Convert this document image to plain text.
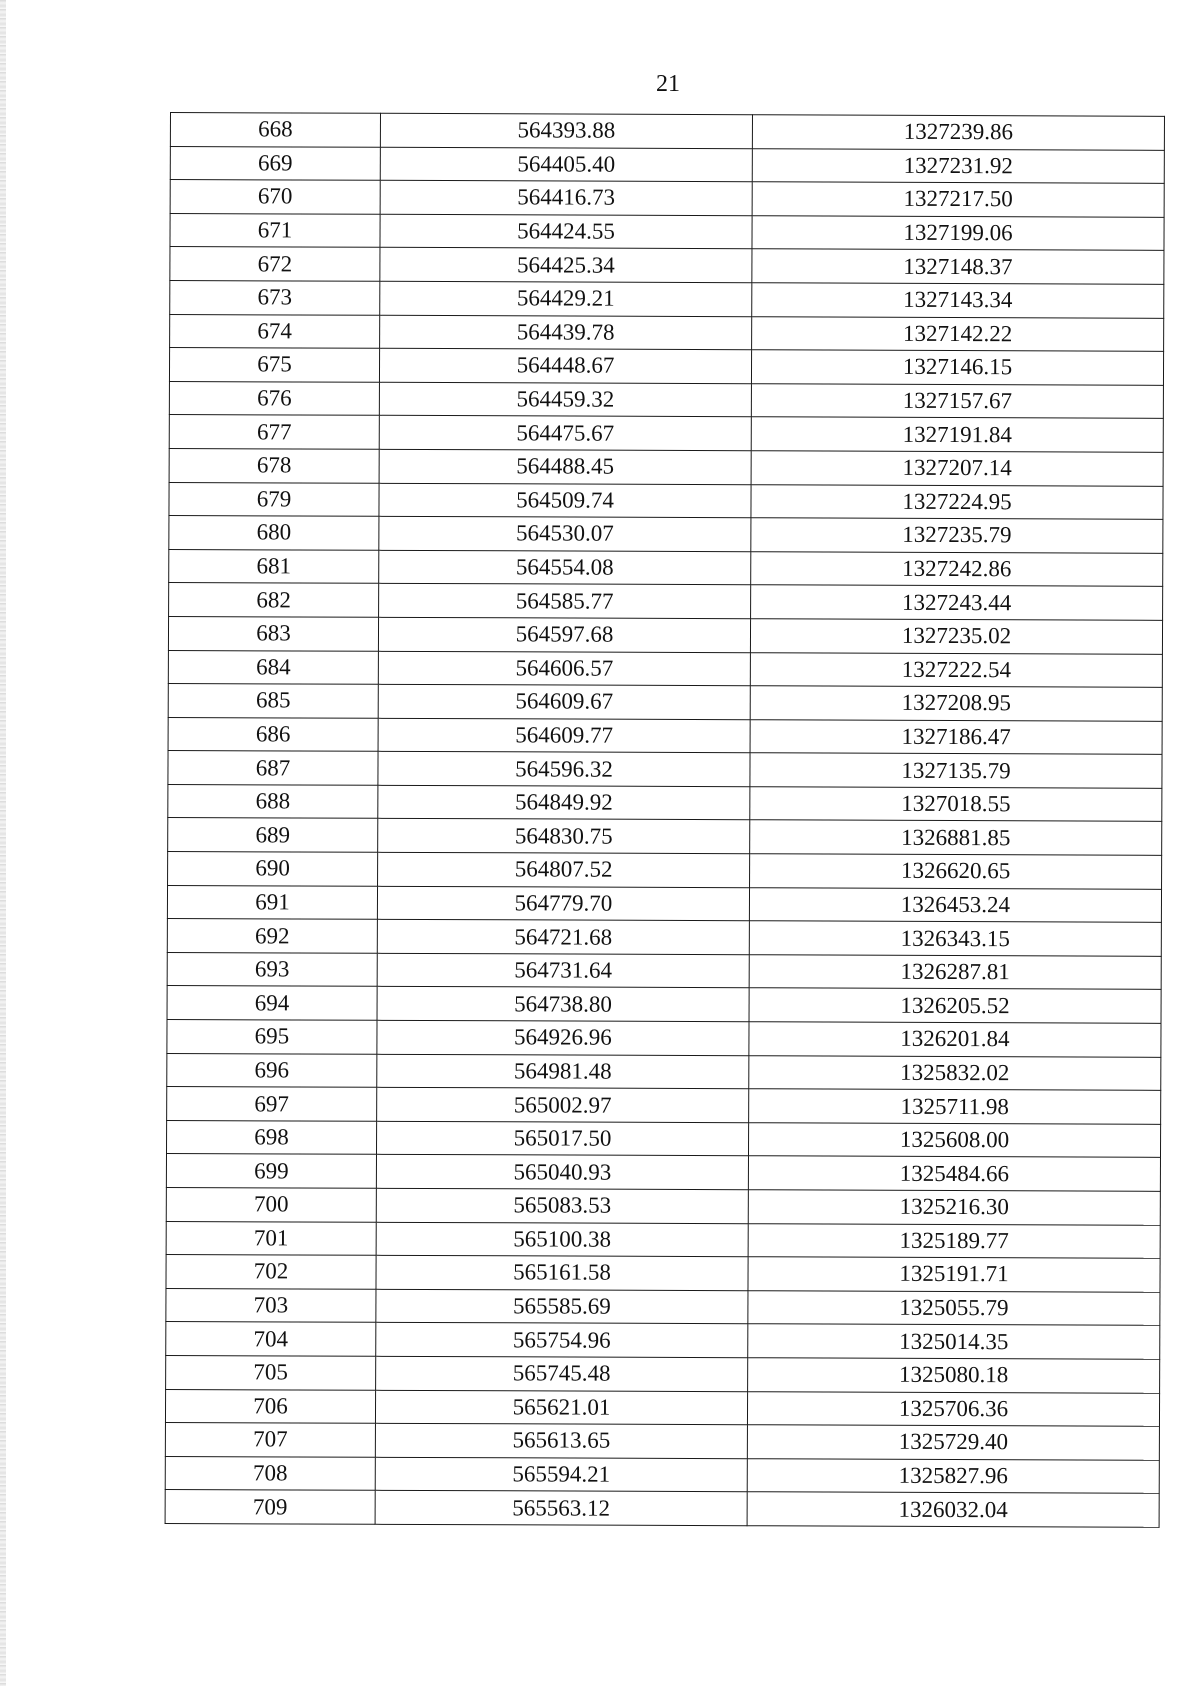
21
668	564393.88	1327239.86
669	564405.40	1327231.92
670	564416.73	1327217.50
671	564424.55	1327199.06
672	564425.34	1327148.37
673	564429.21	1327143.34
674	564439.78	1327142.22
675	564448.67	1327146.15
676	564459.32	1327157.67
677	564475.67	1327191.84
678	564488.45	1327207.14
679	564509.74	1327224.95
680	564530.07	1327235.79
681	564554.08	1327242.86
682	564585.77	1327243.44
683	564597.68	1327235.02
684	564606.57	1327222.54
685	564609.67	1327208.95
686	564609.77	1327186.47
687	564596.32	1327135.79
688	564849.92	1327018.55
689	564830.75	1326881.85
690	564807.52	1326620.65
691	564779.70	1326453.24
692	564721.68	1326343.15
693	564731.64	1326287.81
694	564738.80	1326205.52
695	564926.96	1326201.84
696	564981.48	1325832.02
697	565002.97	1325711.98
698	565017.50	1325608.00
699	565040.93	1325484.66
700	565083.53	1325216.30
701	565100.38	1325189.77
702	565161.58	1325191.71
703	565585.69	1325055.79
704	565754.96	1325014.35
705	565745.48	1325080.18
706	565621.01	1325706.36
707	565613.65	1325729.40
708	565594.21	1325827.96
709	565563.12	1326032.04
